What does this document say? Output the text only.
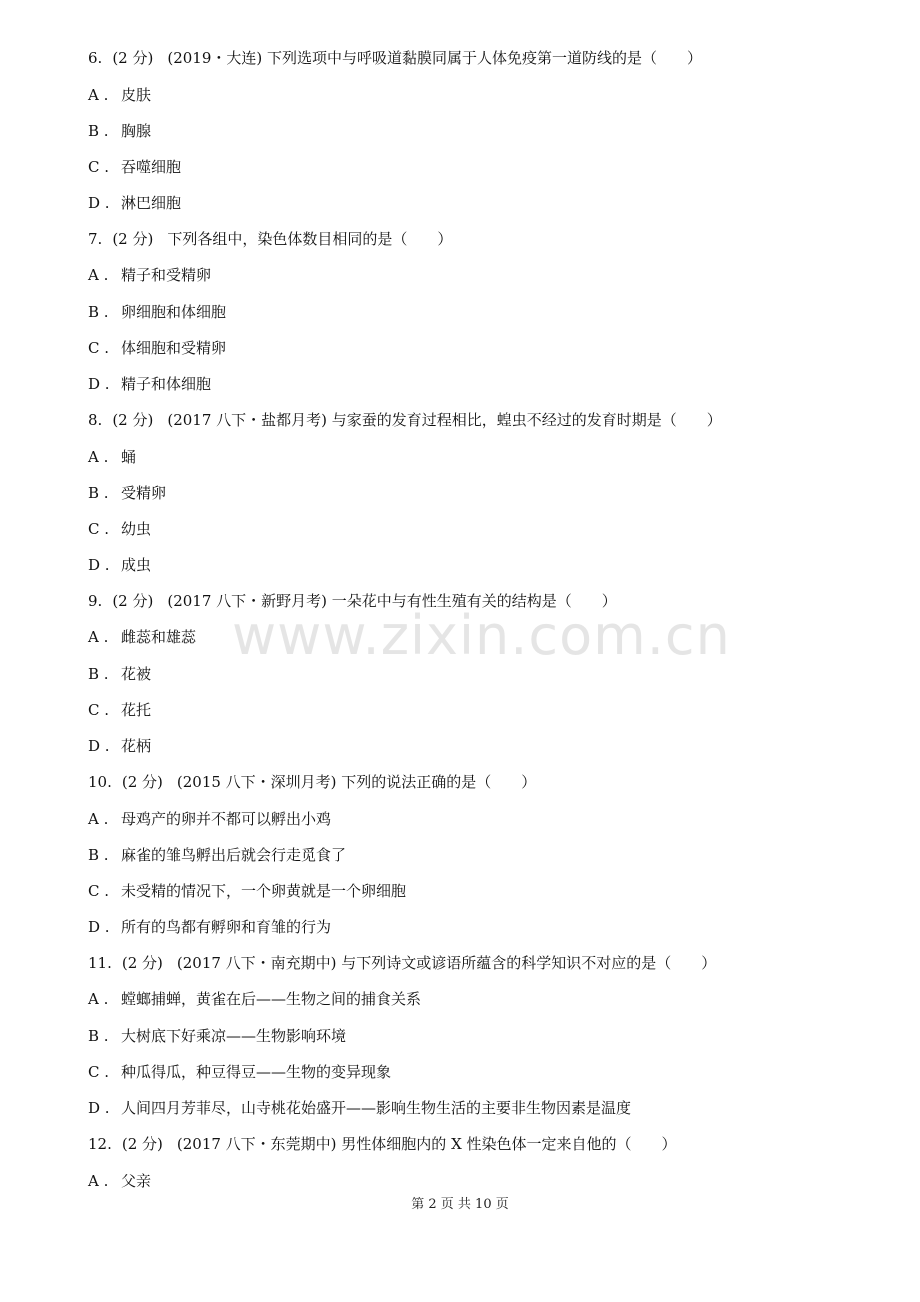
www.zixin.com.cn
6. (2 分) (2019・大连) 下列选项中与呼吸道黏膜同属于人体免疫第一道防线的是（　　）
A . 皮肤
B . 胸腺
C . 吞噬细胞
D . 淋巴细胞
7. (2 分) 下列各组中，染色体数目相同的是（　　）
A . 精子和受精卵
B . 卵细胞和体细胞
C . 体细胞和受精卵
D . 精子和体细胞
8. (2 分) (2017 八下・盐都月考) 与家蚕的发育过程相比，蝗虫不经过的发育时期是（　　）
A . 蛹
B . 受精卵
C . 幼虫
D . 成虫
9. (2 分) (2017 八下・新野月考) 一朵花中与有性生殖有关的结构是（　　）
A . 雌蕊和雄蕊
B . 花被
C . 花托
D . 花柄
10. (2 分) (2015 八下・深圳月考) 下列的说法正确的是（　　）
A . 母鸡产的卵并不都可以孵出小鸡
B . 麻雀的雏鸟孵出后就会行走觅食了
C . 未受精的情况下，一个卵黄就是一个卵细胞
D . 所有的鸟都有孵卵和育雏的行为
11. (2 分) (2017 八下・南充期中) 与下列诗文或谚语所蕴含的科学知识不对应的是（　　）
A . 螳螂捕蝉，黄雀在后——生物之间的捕食关系
B . 大树底下好乘凉——生物影响环境
C . 种瓜得瓜，种豆得豆——生物的变异现象
D . 人间四月芳菲尽，山寺桃花始盛开——影响生物生活的主要非生物因素是温度
12. (2 分) (2017 八下・东莞期中) 男性体细胞内的 X 性染色体一定来自他的（　　）
A . 父亲
第 2 页 共 10 页
